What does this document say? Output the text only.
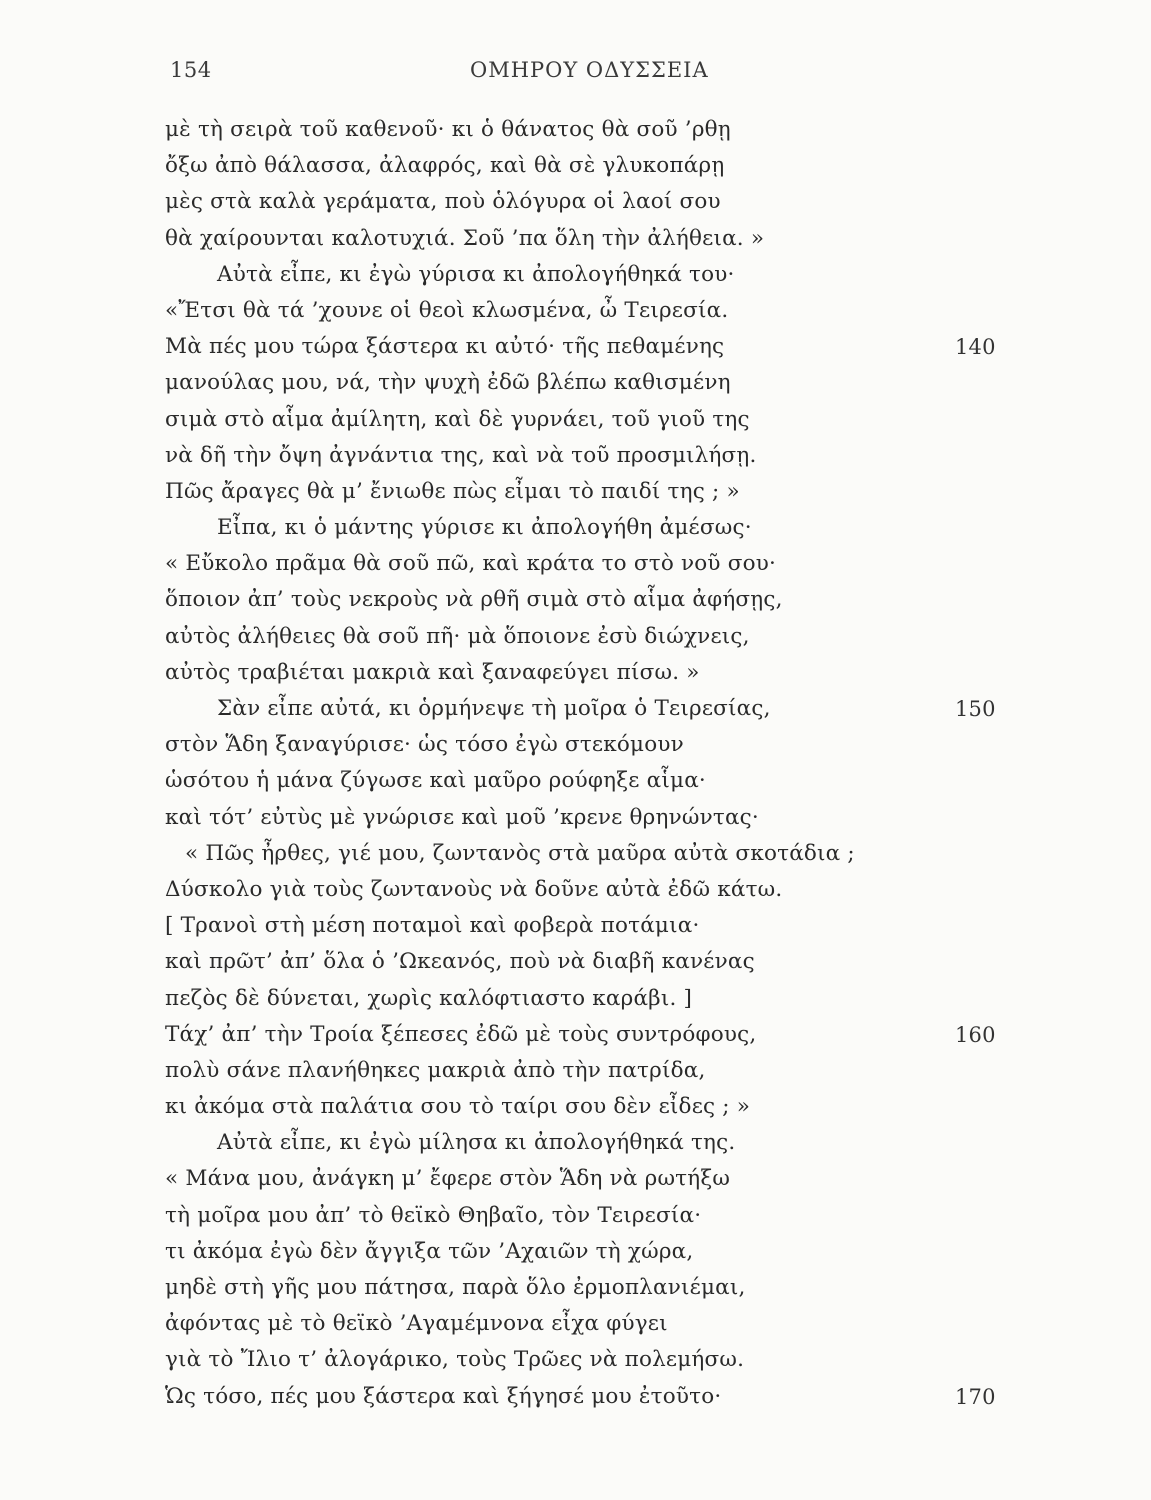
154	ΟΜΗΡΟΥ ΟΔΥΣΣΕΙΑ
μὲ τὴ σειρὰ τοῦ καθενοῦ· κι ὁ θάνατος θὰ σοῦ ’ρθῃ
ὄξω ἀπὸ θάλασσα, ἀλαφρός, καὶ θὰ σὲ γλυκοπάρῃ
μὲς στὰ καλὰ γεράματα, ποὺ ὁλόγυρα οἱ λαοί σου
θὰ χαίρουνται καλοτυχιά. Σοῦ ’πα ὅλη τὴν ἀλήθεια. »
Αὐτὰ εἶπε, κι ἐγὼ γύρισα κι ἀπολογήθηκά του·
«Ἔτσι θὰ τά ’χουνε οἱ θεοὶ κλωσμένα, ὦ Τειρεσία.
Μὰ πές μου τώρα ξάστερα κι αὐτό· τῆς πεθαμένης	140
μανούλας μου, νά, τὴν ψυχὴ ἐδῶ βλέπω καθισμένη
σιμὰ στὸ αἷμα ἀμίλητη, καὶ δὲ γυρνάει, τοῦ γιοῦ της
νὰ δῆ τὴν ὄψη ἀγνάντια της, καὶ νὰ τοῦ προσμιλήσῃ.
Πῶς ἄραγες θὰ μ’ ἔνιωθε πὼς εἶμαι τὸ παιδί της ; »
Εἶπα, κι ὁ μάντης γύρισε κι ἀπολογήθη ἀμέσως·
« Εὔκολο πρᾶμα θὰ σοῦ πῶ, καὶ κράτα το στὸ νοῦ σου·
ὅποιον ἀπ’ τοὺς νεκροὺς νὰ ρθῆ σιμὰ στὸ αἷμα ἀφήσῃς,
αὐτὸς ἀλήθειες θὰ σοῦ πῆ· μὰ ὅποιονε ἐσὺ διώχνεις,
αὐτὸς τραβιέται μακριὰ καὶ ξαναφεύγει πίσω. »
Σὰν εἶπε αὐτά, κι ὁρμήνεψε τὴ μοῖρα ὁ Τειρεσίας,	150
στὸν Ἅδη ξαναγύρισε· ὡς τόσο ἐγὼ στεκόμουν
ὡσότου ἡ μάνα ζύγωσε καὶ μαῦρο ρούφηξε αἷμα·
καὶ τότ’ εὐτὺς μὲ γνώρισε καὶ μοῦ ’κρενε θρηνώντας·
« Πῶς ἦρθες, γιέ μου, ζωντανὸς στὰ μαῦρα αὐτὰ σκοτάδια ;
Δύσκολο γιὰ τοὺς ζωντανοὺς νὰ δοῦνε αὐτὰ ἐδῶ κάτω.
[ Τρανοὶ στὴ μέση ποταμοὶ καὶ φοβερὰ ποτάμια·
καὶ πρῶτ’ ἀπ’ ὅλα ὁ ’Ωκεανός, ποὺ νὰ διαβῆ κανένας
πεζὸς δὲ δύνεται, χωρὶς καλόφτιαστο καράβι. ]
Τάχ’ ἀπ’ τὴν Τροία ξέπεσες ἐδῶ μὲ τοὺς συντρόφους,	160
πολὺ σάνε πλανήθηκες μακριὰ ἀπὸ τὴν πατρίδα,
κι ἀκόμα στὰ παλάτια σου τὸ ταίρι σου δὲν εἶδες ; »
Αὐτὰ εἶπε, κι ἐγὼ μίλησα κι ἀπολογήθηκά της.
« Μάνα μου, ἀνάγκη μ’ ἔφερε στὸν Ἅδη νὰ ρωτήξω
τὴ μοῖρα μου ἀπ’ τὸ θεϊκὸ Θηβαῖο, τὸν Τειρεσία·
τι ἀκόμα ἐγὼ δὲν ἄγγιξα τῶν ’Αχαιῶν τὴ χώρα,
μηδὲ στὴ γῆς μου πάτησα, παρὰ ὅλο ἐρμοπλανιέμαι,
ἀφόντας μὲ τὸ θεϊκὸ ’Αγαμέμνονα εἶχα φύγει
γιὰ τὸ Ἴλιο τ’ ἀλογάρικο, τοὺς Τρῶες νὰ πολεμήσω.
Ὡς τόσο, πές μου ξάστερα καὶ ξήγησέ μου ἐτοῦτο·	170
